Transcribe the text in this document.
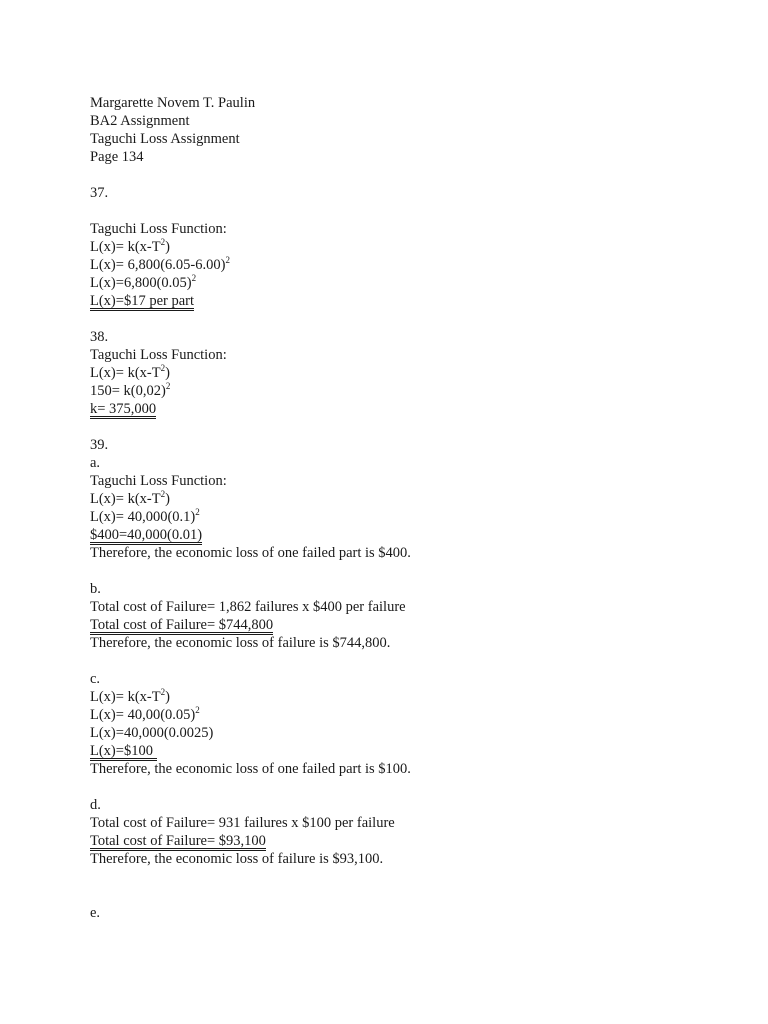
Margarette Novem T. Paulin
BA2 Assignment
Taguchi Loss Assignment
Page 134
37.
Taguchi Loss Function:
$L(x)= k(x-T^2)$
$L(x)= 6,800(6.05-6.00)^2$
$L(x)=6,800(0.05)^2$
L(x)=$17 per part
38.
Taguchi Loss Function:
$L(x)= k(x-T^2)$
$150= k(0,02)^2$
k= 375,000
39.
a.
Taguchi Loss Function:
$L(x)= k(x-T^2)$
$L(x)= 40,000(0.1)^2$
$400=40,000(0.01)
Therefore, the economic loss of one failed part is $400.
b.
Total cost of Failure= 1,862 failures x $400 per failure
Total cost of Failure= $744,800
Therefore, the economic loss of failure is $744,800.
c.
$L(x)= k(x-T^2)$
$L(x)= 40,00(0.05)^2$
L(x)=40,000(0.0025)
L(x)=$100
Therefore, the economic loss of one failed part is $100.
d.
Total cost of Failure= 931 failures x $100 per failure
Total cost of Failure= $93,100
Therefore, the economic loss of failure is $93,100.
e.
